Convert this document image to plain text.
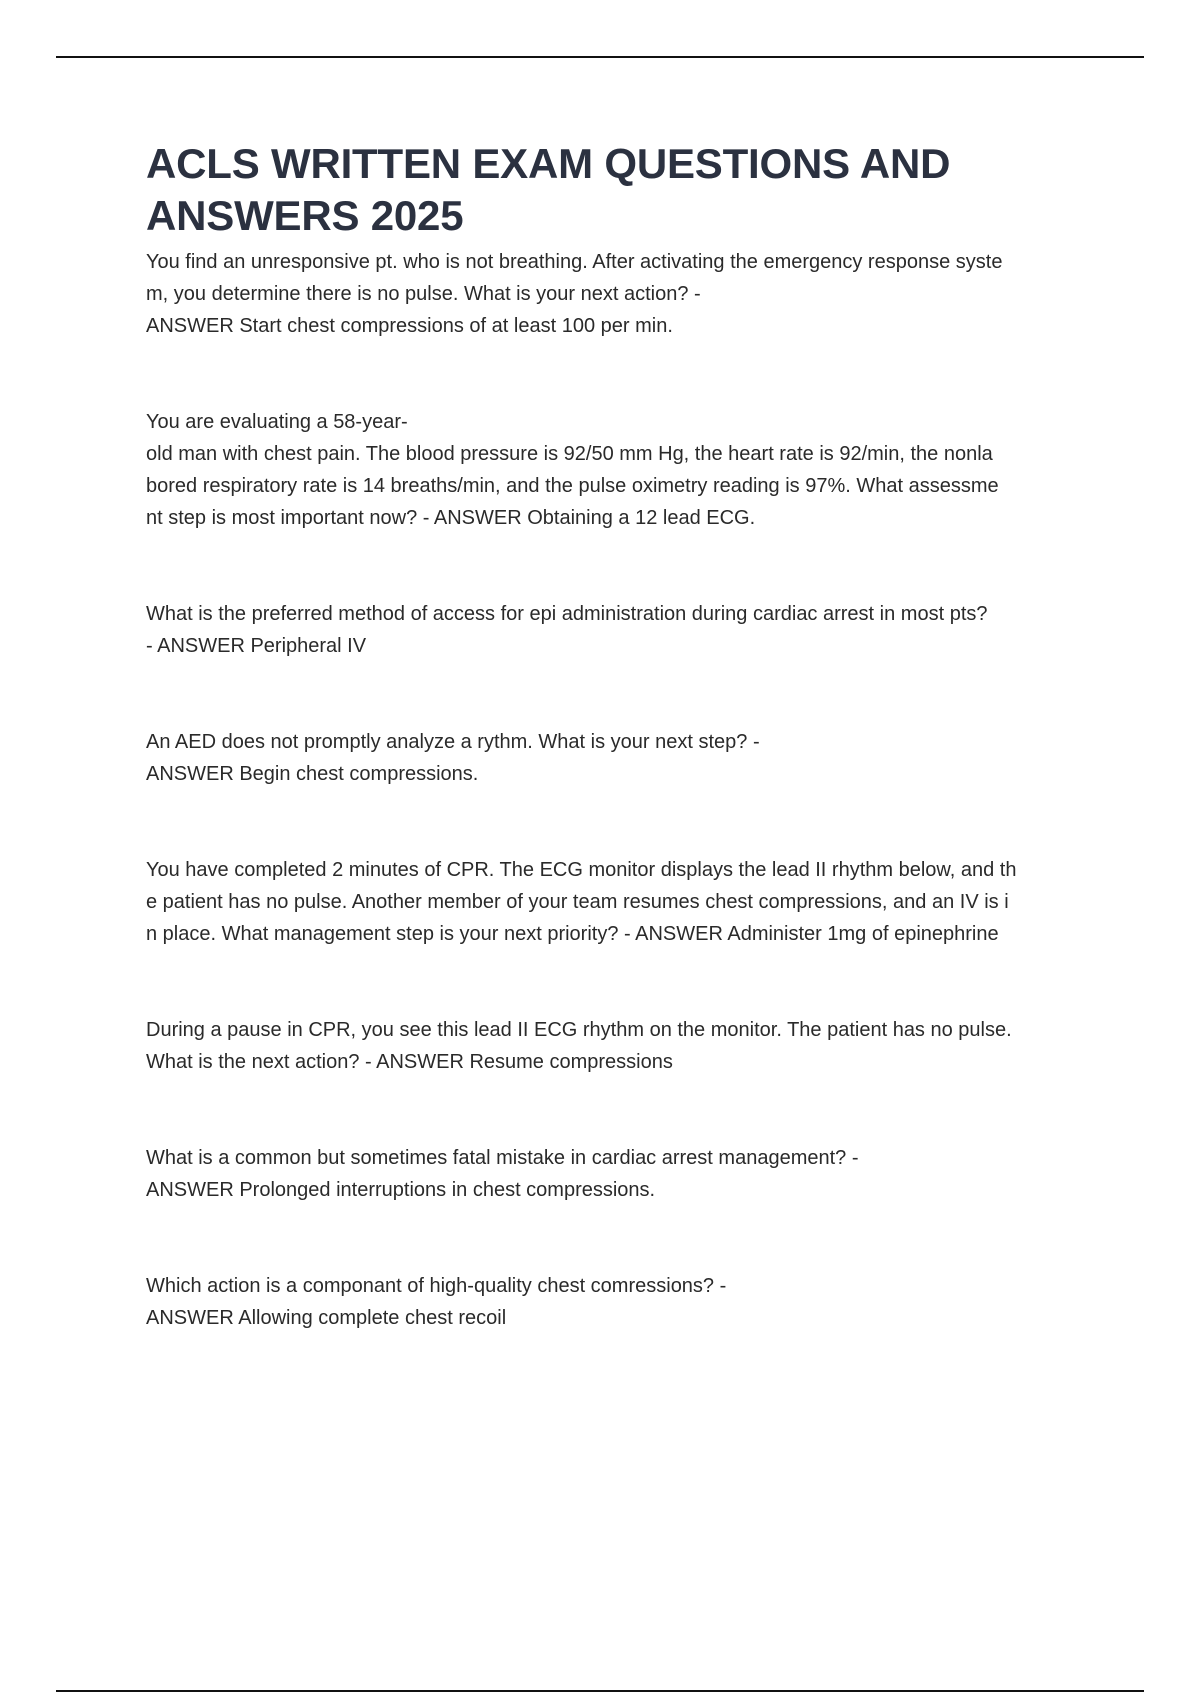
ACLS WRITTEN EXAM QUESTIONS AND
ANSWERS 2025
You find an unresponsive pt. who is not breathing. After activating the emergency response syste
m, you determine there is no pulse. What is your next action? -
ANSWER Start chest compressions of at least 100 per min.
You are evaluating a 58-year-
old man with chest pain. The blood pressure is 92/50 mm Hg, the heart rate is 92/min, the nonla
bored respiratory rate is 14 breaths/min, and the pulse oximetry reading is 97%. What assessme
nt step is most important now? - ANSWER Obtaining a 12 lead ECG.
What is the preferred method of access for epi administration during cardiac arrest in most pts?
- ANSWER Peripheral IV
An AED does not promptly analyze a rythm. What is your next step? -
ANSWER Begin chest compressions.
You have completed 2 minutes of CPR. The ECG monitor displays the lead II rhythm below, and th
e patient has no pulse. Another member of your team resumes chest compressions, and an IV is i
n place. What management step is your next priority? - ANSWER Administer 1mg of epinephrine
During a pause in CPR, you see this lead II ECG rhythm on the monitor. The patient has no pulse.
What is the next action? - ANSWER Resume compressions
What is a common but sometimes fatal mistake in cardiac arrest management? -
ANSWER Prolonged interruptions in chest compressions.
Which action is a componant of high-quality chest comressions? -
ANSWER Allowing complete chest recoil
